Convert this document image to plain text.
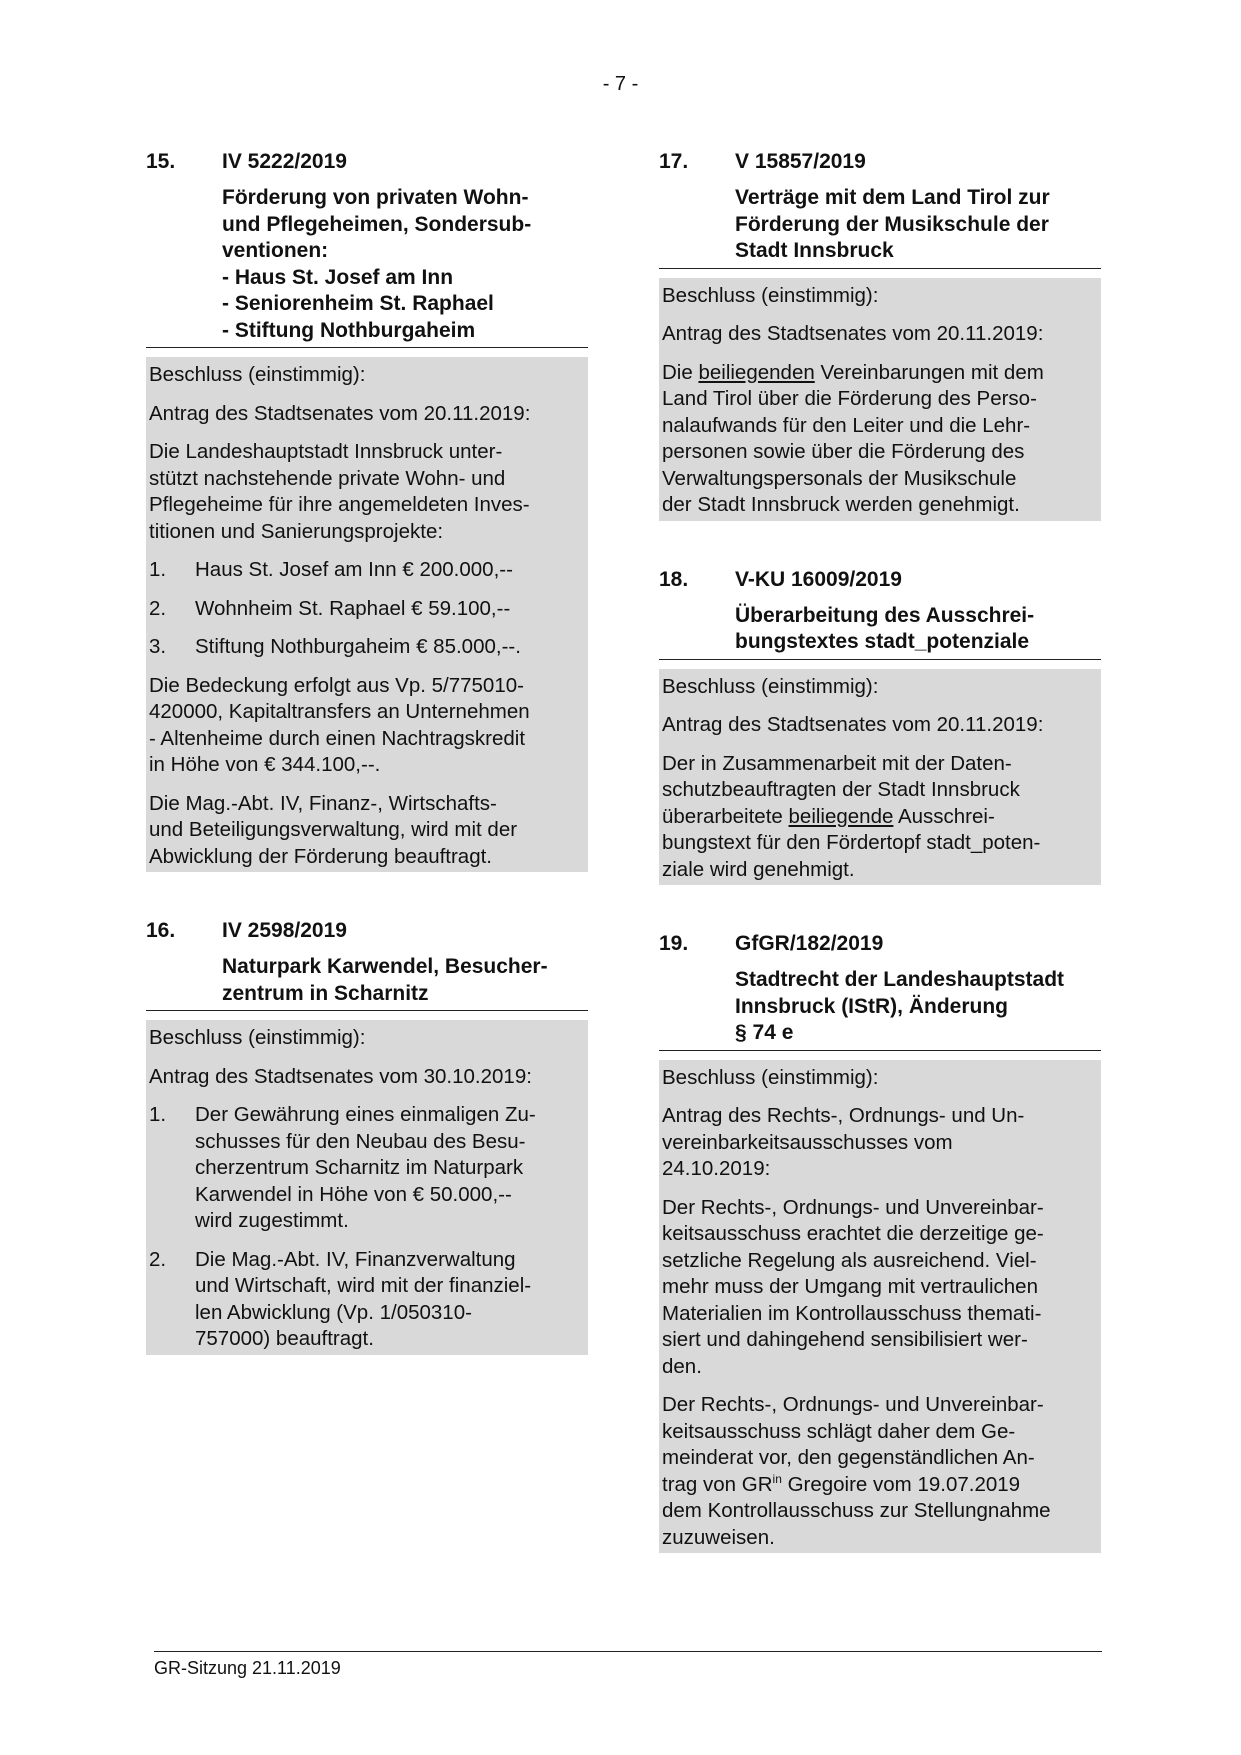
- 7 -
15.	IV 5222/2019
Förderung von privaten Wohn-
und Pflegeheimen, Sondersub-
ventionen:
- Haus St. Josef am Inn
- Seniorenheim St. Raphael
- Stiftung Nothburgaheim

Beschluss (einstimmig):

Antrag des Stadtsenates vom 20.11.2019:

Die Landeshauptstadt Innsbruck unter-
stützt nachstehende private Wohn- und
Pflegeheime für ihre angemeldeten Inves-
titionen und Sanierungsprojekte:

1.	Haus St. Josef am Inn € 200.000,--
2.	Wohnheim St. Raphael € 59.100,--
3.	Stiftung Nothburgaheim € 85.000,--.

Die Bedeckung erfolgt aus Vp. 5/775010-
420000, Kapitaltransfers an Unternehmen
- Altenheime durch einen Nachtragskredit
in Höhe von € 344.100,--.

Die Mag.-Abt. IV, Finanz-, Wirtschafts-
und Beteiligungsverwaltung, wird mit der
Abwicklung der Förderung beauftragt.

16.	IV 2598/2019
Naturpark Karwendel, Besucher-
zentrum in Scharnitz

Beschluss (einstimmig):

Antrag des Stadtsenates vom 30.10.2019:

1.	Der Gewährung eines einmaligen Zu-
schusses für den Neubau des Besu-
cherzentrum Scharnitz im Naturpark
Karwendel in Höhe von € 50.000,--
wird zugestimmt.
2.	Die Mag.-Abt. IV, Finanzverwaltung
und Wirtschaft, wird mit der finanziel-
len Abwicklung (Vp. 1/050310-
757000) beauftragt.
17.	V 15857/2019
Verträge mit dem Land Tirol zur
Förderung der Musikschule der
Stadt Innsbruck

Beschluss (einstimmig):

Antrag des Stadtsenates vom 20.11.2019:

Die beiliegenden Vereinbarungen mit dem
Land Tirol über die Förderung des Perso-
nalaufwands für den Leiter und die Lehr-
personen sowie über die Förderung des
Verwaltungspersonals der Musikschule
der Stadt Innsbruck werden genehmigt.

18.	V-KU 16009/2019
Überarbeitung des Ausschrei-
bungstextes stadt_potenziale

Beschluss (einstimmig):

Antrag des Stadtsenates vom 20.11.2019:

Der in Zusammenarbeit mit der Daten-
schutzbeauftragten der Stadt Innsbruck
überarbeitete beiliegende Ausschrei-
bungstext für den Fördertopf stadt_poten-
ziale wird genehmigt.

19.	GfGR/182/2019
Stadtrecht der Landeshauptstadt
Innsbruck (IStR), Änderung
§ 74 e

Beschluss (einstimmig):

Antrag des Rechts-, Ordnungs- und Un-
vereinbarkeitsausschusses vom
24.10.2019:

Der Rechts-, Ordnungs- und Unvereinbar-
keitsausschuss erachtet die derzeitige ge-
setzliche Regelung als ausreichend. Viel-
mehr muss der Umgang mit vertraulichen
Materialien im Kontrollausschuss themati-
siert und dahingehend sensibilisiert wer-
den.

Der Rechts-, Ordnungs- und Unvereinbar-
keitsausschuss schlägt daher dem Ge-
meinderat vor, den gegenständlichen An-
trag von $GR^{in}$ Gregoire vom 19.07.2019
dem Kontrollausschuss zur Stellungnahme
zuzuweisen.

GR-Sitzung 21.11.2019
